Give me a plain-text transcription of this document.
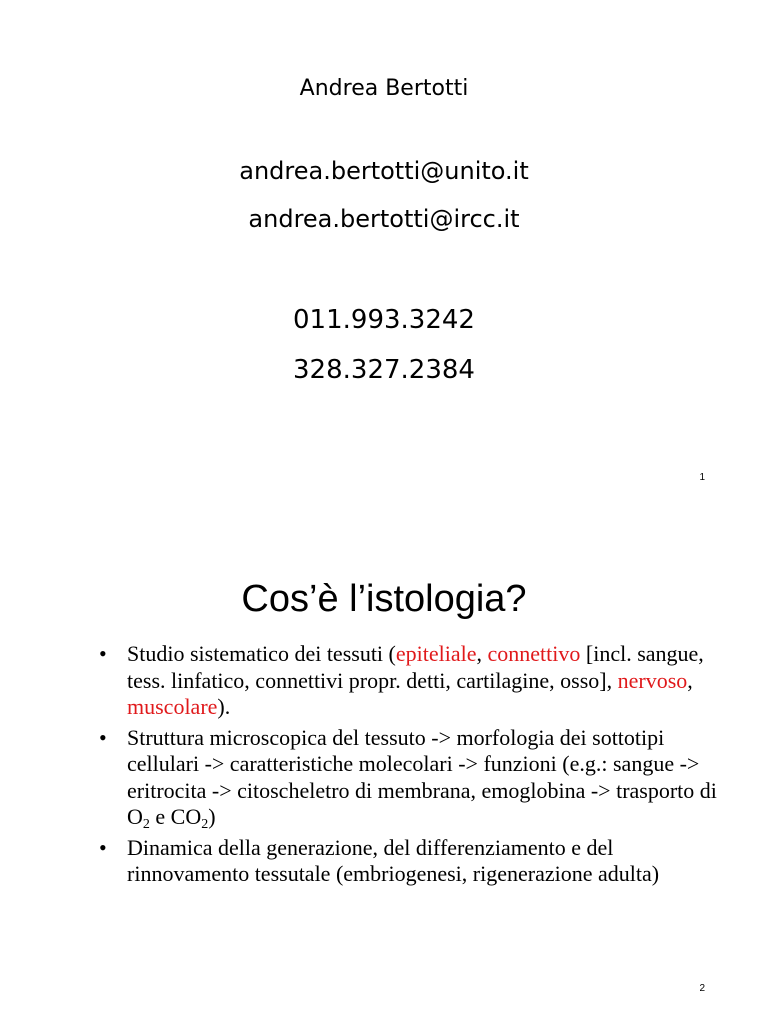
Andrea Bertotti
andrea.bertotti@unito.it
andrea.bertotti@ircc.it
011.993.3242
328.327.2384
1
Cos’è l’istologia?
• Studio sistematico dei tessuti (epiteliale, connettivo [incl. sangue, tess. linfatico, connettivi propr. detti, cartilagine, osso], nervoso, muscolare).
• Struttura microscopica del tessuto -> morfologia dei sottotipi cellulari -> caratteristiche molecolari -> funzioni (e.g.: sangue -> eritrocita -> citoscheletro di membrana, emoglobina -> trasporto di $O_2$ e $CO_2$)
• Dinamica della generazione, del differenziamento e del rinnovamento tessutale (embriogenesi, rigenerazione adulta)
2
